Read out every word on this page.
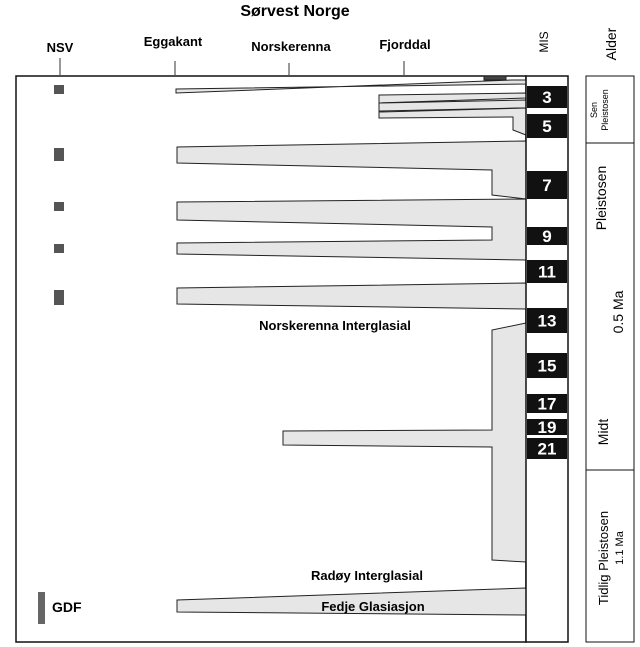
Sørvest Norge
NSV	Eggakant	Norskerenna	Fjorddal	MIS	Alder
GDF
Norskerenna Interglasial
Radøy Interglasial
Fedje Glasiasjon
3
5
7
9
11
13
15
17
19
21
Sen Pleistosen
Pleistosen
0.5 Ma
Midt
Tidlig Pleistosen 1.1 Ma
